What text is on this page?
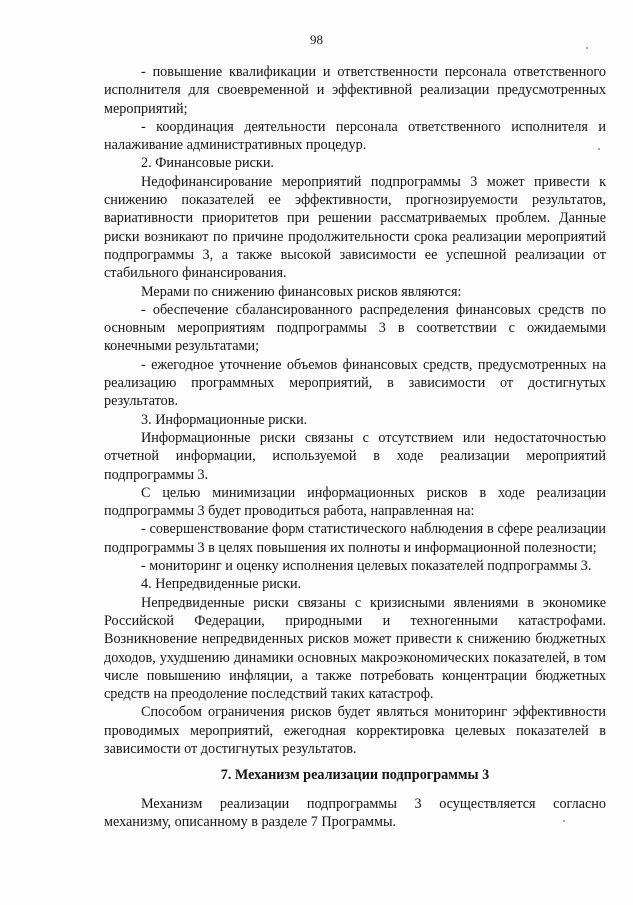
98

- повышение квалификации и ответственности персонала ответственного исполнителя для своевременной и эффективной реализации предусмотренных мероприятий;

- координация деятельности персонала ответственного исполнителя и налаживание административных процедур.

2. Финансовые риски.

Недофинансирование мероприятий подпрограммы 3 может привести к снижению показателей ее эффективности, прогнозируемости результатов, вариативности приоритетов при решении рассматриваемых проблем. Данные риски возникают по причине продолжительности срока реализации мероприятий подпрограммы 3, а также высокой зависимости ее успешной реализации от стабильного финансирования.

Мерами по снижению финансовых рисков являются:

- обеспечение сбалансированного распределения финансовых средств по основным мероприятиям подпрограммы 3 в соответствии с ожидаемыми конечными результатами;

- ежегодное уточнение объемов финансовых средств, предусмотренных на реализацию программных мероприятий, в зависимости от достигнутых результатов.

3. Информационные риски.

Информационные риски связаны с отсутствием или недостаточностью отчетной информации, используемой в ходе реализации мероприятий подпрограммы 3.

С целью минимизации информационных рисков в ходе реализации подпрограммы 3 будет проводиться работа, направленная на:

- совершенствование форм статистического наблюдения в сфере реализации подпрограммы 3 в целях повышения их полноты и информационной полезности;

- мониторинг и оценку исполнения целевых показателей подпрограммы 3.

4. Непредвиденные риски.

Непредвиденные риски связаны с кризисными явлениями в экономике Российской Федерации, природными и техногенными катастрофами. Возникновение непредвиденных рисков может привести к снижению бюджетных доходов, ухудшению динамики основных макроэкономических показателей, в том числе повышению инфляции, а также потребовать концентрации бюджетных средств на преодоление последствий таких катастроф.

Способом ограничения рисков будет являться мониторинг эффективности проводимых мероприятий, ежегодная корректировка целевых показателей в зависимости от достигнутых результатов.

7. Механизм реализации подпрограммы 3

Механизм реализации подпрограммы 3 осуществляется согласно механизму, описанному в разделе 7 Программы.
